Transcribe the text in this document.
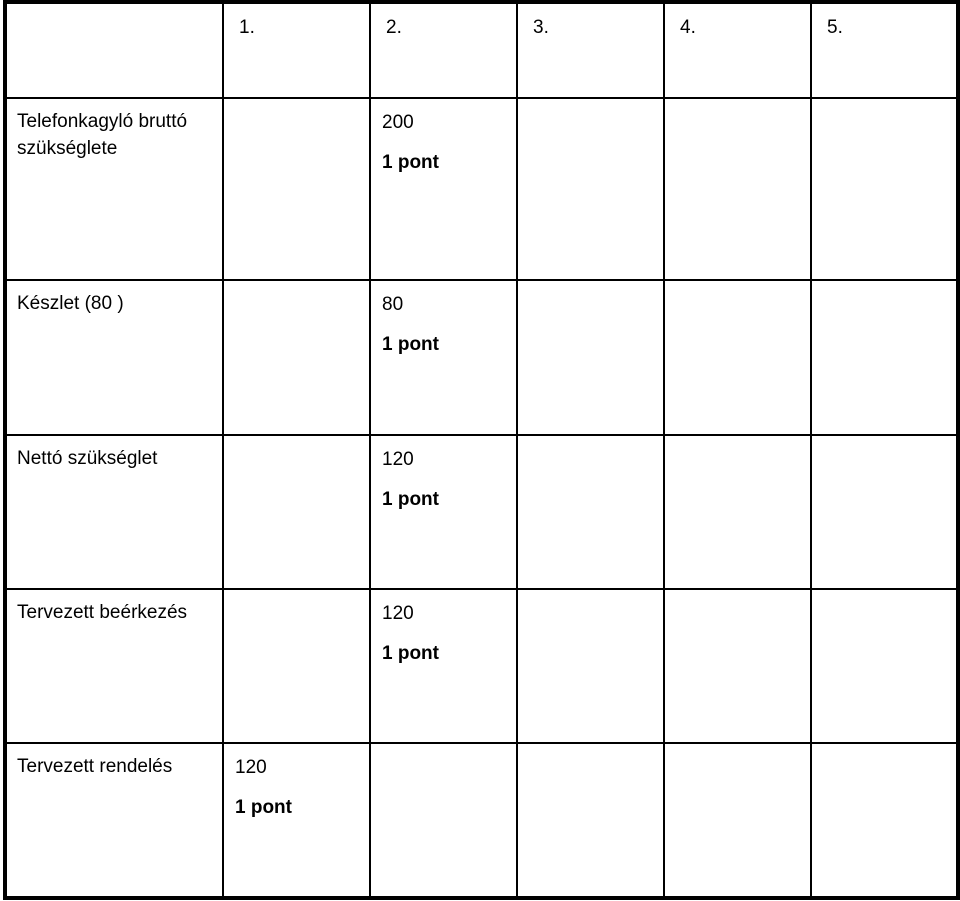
	1.	2.	3.	4.	5.

Telefonkagyló bruttó szükséglete		200
1 pont			

Készlet (80 )		80
1 pont			

Nettó szükséglet		120
1 pont			

Tervezett beérkezés		120
1 pont			

Tervezett rendelés	120
1 pont				
